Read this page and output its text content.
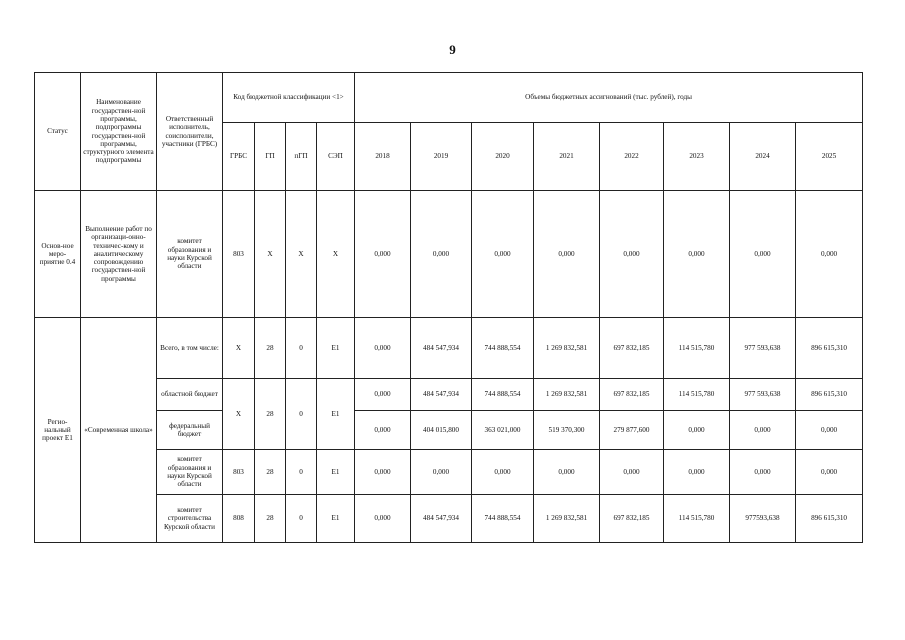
9
Статус	Наименование государствен-ной программы, подпрограммы государствен-ной программы, структурного элемента подпрограммы	Ответственный исполнитель, соисполнители, участники (ГРБС)	Код бюджетной классификации <1>				Объемы бюджетных ассигнований (тыс. рублей), годы							
			ГРБС	ГП	пГП	СЭП	2018	2019	2020	2021	2022	2023	2024	2025
Основ-ное меро-приятие 0.4	Выполнение работ по организаци-онно-техничес-кому и аналитическому сопровождению государствен-ной программы	комитет образования и науки Курской области	803	Х	Х	Х	0,000	0,000	0,000	0,000	0,000	0,000	0,000	0,000
Регио-нальный проект Е1	«Современная школа»	Всего, в том числе:	Х	28	0	Е1	0,000	484 547,934	744 888,554	1 269 832,581	697 832,185	114 515,780	977 593,638	896 615,310
		областной бюджет	Х	28	0	Е1	0,000	484 547,934	744 888,554	1 269 832,581	697 832,185	114 515,780	977 593,638	896 615,310
		федеральный бюджет					0,000	404 015,800	363 021,000	519 370,300	279 877,600	0,000	0,000	0,000
		комитет образования и науки Курской области	803	28	0	Е1	0,000	0,000	0,000	0,000	0,000	0,000	0,000	0,000
		комитет строительства Курской области	808	28	0	Е1	0,000	484 547,934	744 888,554	1 269 832,581	697 832,185	114 515,780	977593,638	896 615,310
